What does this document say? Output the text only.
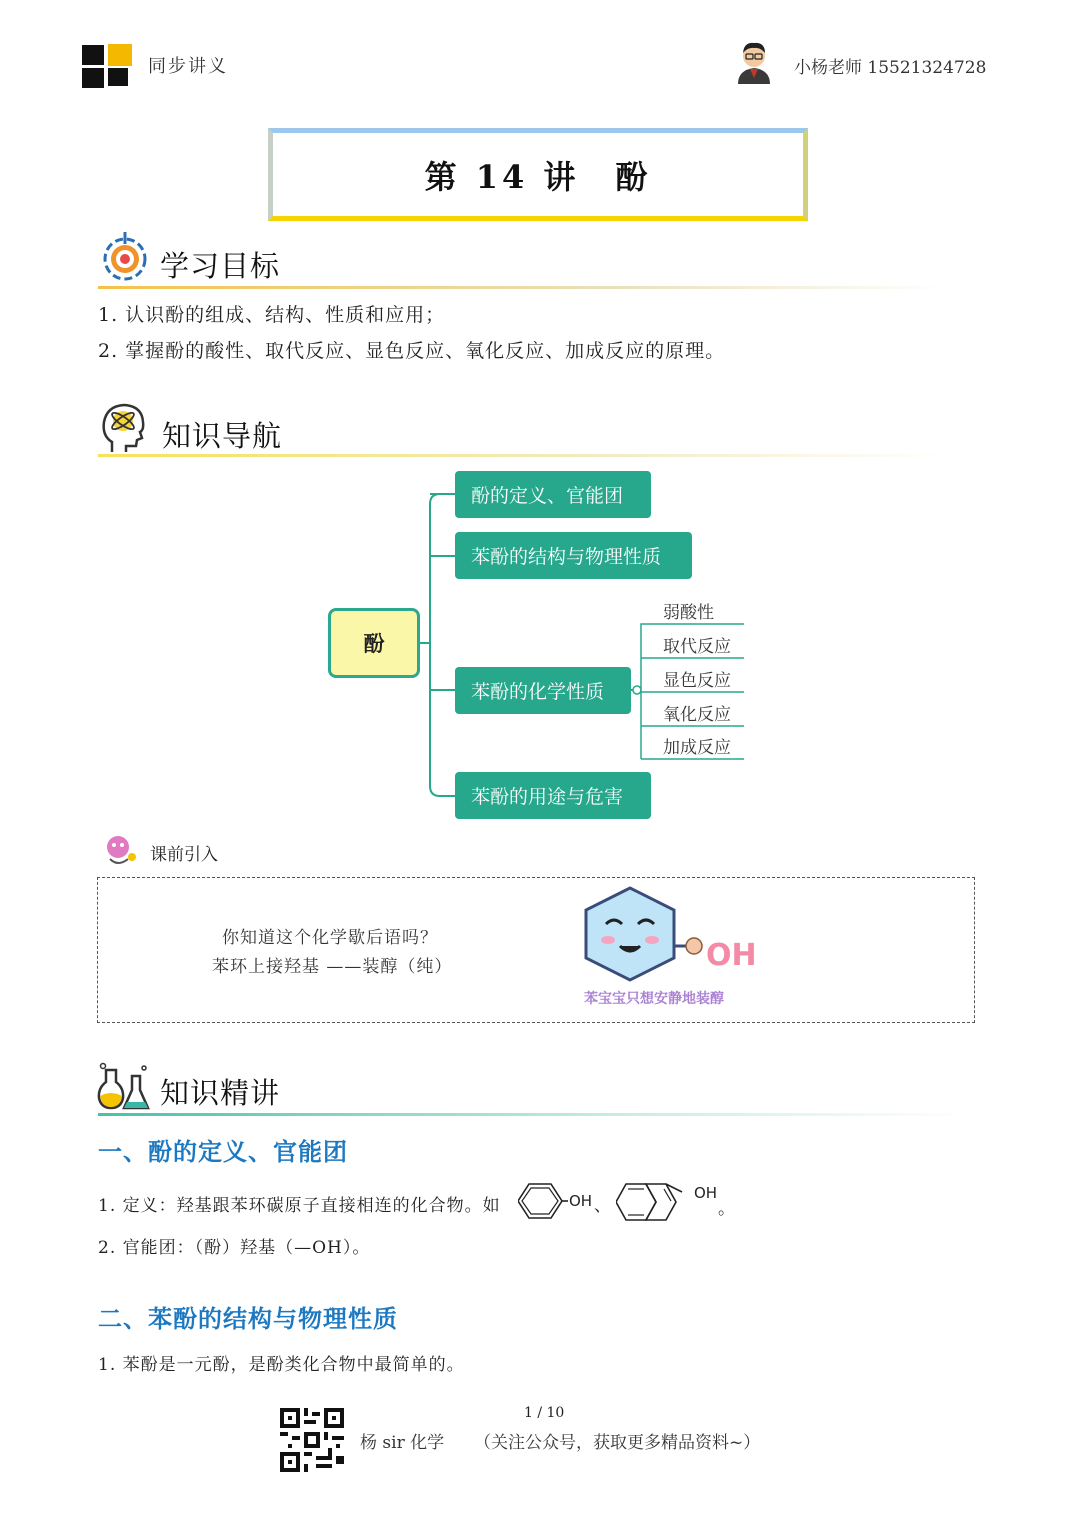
同步讲义	小杨老师 15521324728
第 14 讲　酚
学习目标
1. 认识酚的组成、结构、性质和应用；
2. 掌握酚的酸性、取代反应、显色反应、氧化反应、加成反应的原理。
知识导航
酚
酚的定义、官能团
苯酚的结构与物理性质
苯酚的化学性质
苯酚的用途与危害
弱酸性
取代反应
显色反应
氧化反应
加成反应
课前引入
你知道这个化学歇后语吗？
苯环上接羟基 ——装醇（纯）	OH
苯宝宝只想安静地装醇
知识精讲
一、酚的定义、官能团
1. 定义：羟基跟苯环碳原子直接相连的化合物。如	OH 、
OH
。
2. 官能团：（酚）羟基（—OH）。
二、苯酚的结构与物理性质
1. 苯酚是一元酚，是酚类化合物中最简单的。
1 / 10
杨 sir 化学 （关注公众号，获取更多精品资料~）
